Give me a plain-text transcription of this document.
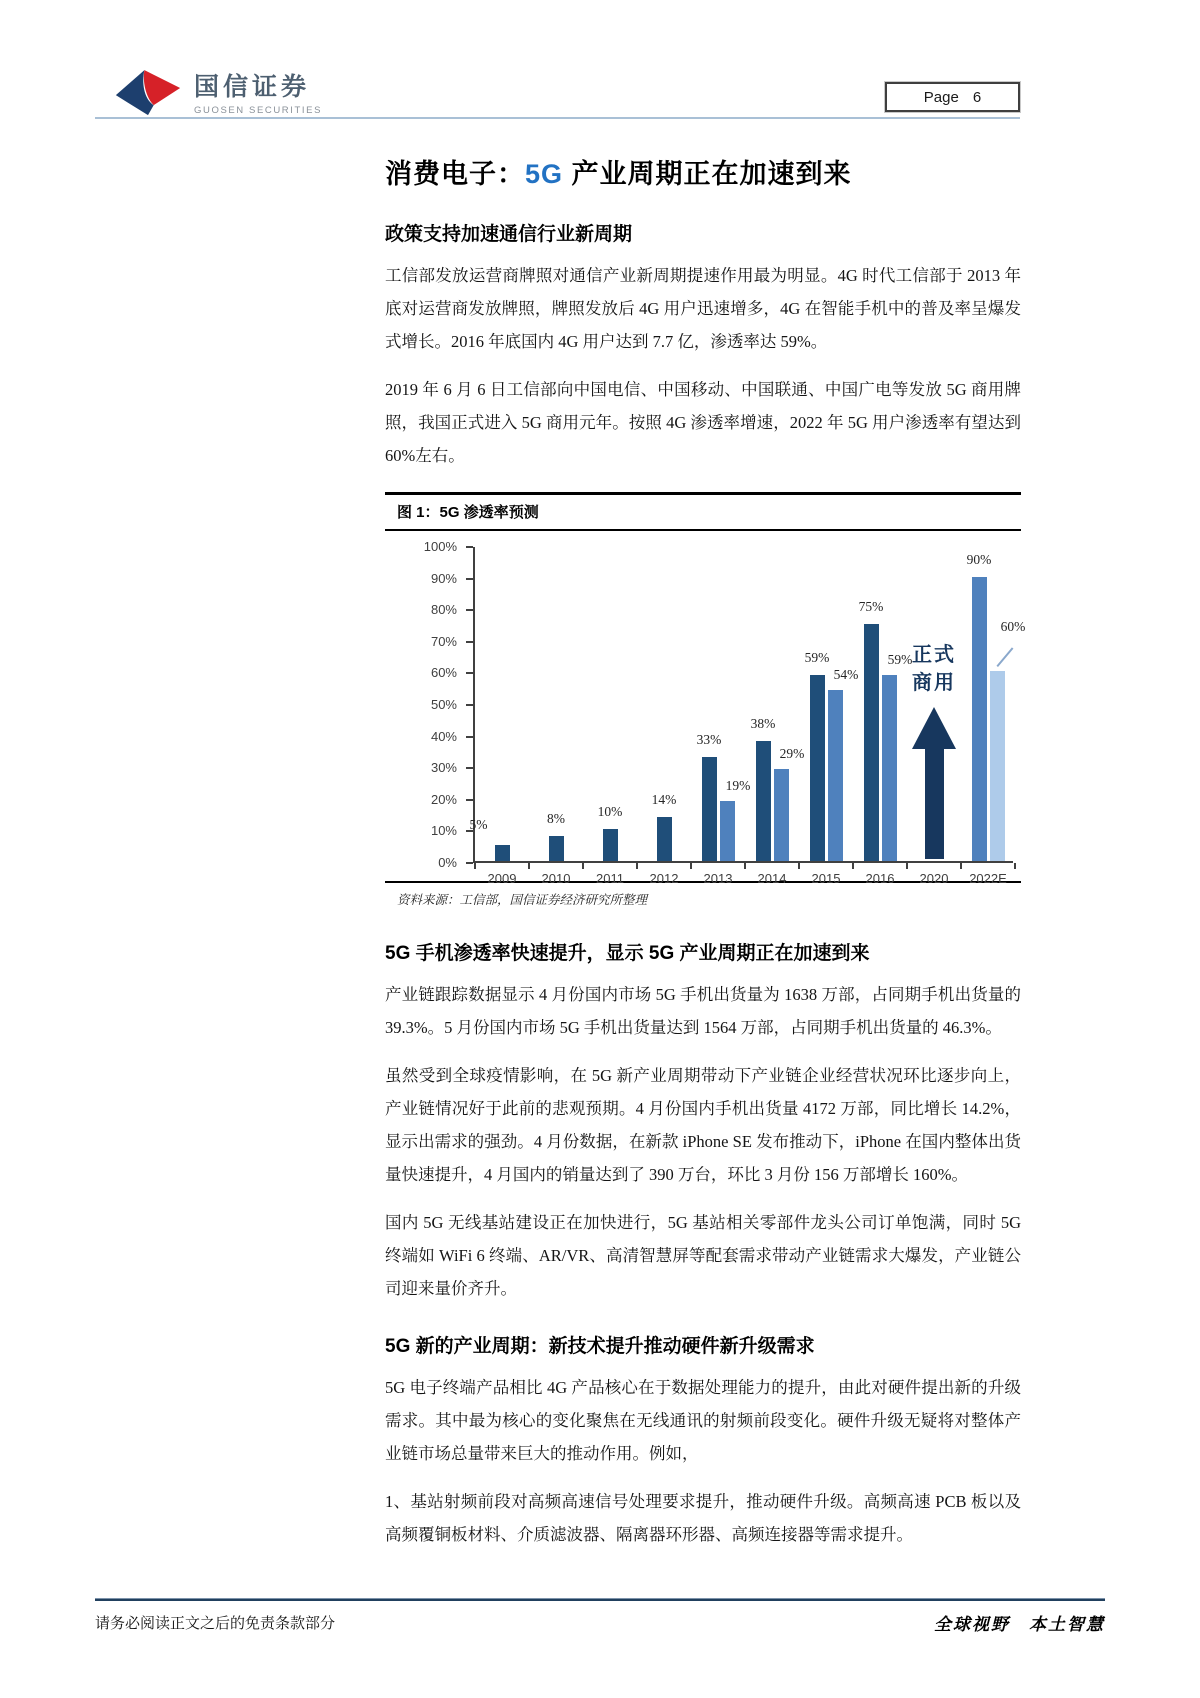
国信证券
GUOSEN SECURITIES
Page 6
消费电子：5G 产业周期正在加速到来
政策支持加速通信行业新周期

工信部发放运营商牌照对通信产业新周期提速作用最为明显。4G 时代工信部于 2013 年底对运营商发放牌照，牌照发放后 4G 用户迅速增多，4G 在智能手机中的普及率呈爆发式增长。2016 年底国内 4G 用户达到 7.7 亿，渗透率达 59%。

2019 年 6 月 6 日工信部向中国电信、中国移动、中国联通、中国广电等发放 5G 商用牌照，我国正式进入 5G 商用元年。按照 4G 渗透率增速，2022 年 5G 用户渗透率有望达到 60%左右。

图 1：5G 渗透率预测
100%
90%
80%
70%
60%
50%
40%
30%
20%
10%
0%
2009 2010 2011 2012 2013 2014 2015 2016 2020 2022E
5%	8% 10%
14%
33%
19%
38%
29%
59%
54%
75%
59% 正式
商用
90%
60%
资料来源：工信部，国信证券经济研究所整理
5G 手机渗透率快速提升，显示 5G 产业周期正在加速到来

产业链跟踪数据显示 4 月份国内市场 5G 手机出货量为 1638 万部，占同期手机出货量的 39.3%。5 月份国内市场 5G 手机出货量达到 1564 万部，占同期手机出货量的 46.3%。

虽然受到全球疫情影响，在 5G 新产业周期带动下产业链企业经营状况环比逐步向上，产业链情况好于此前的悲观预期。4 月份国内手机出货量 4172 万部，同比增长 14.2%，显示出需求的强劲。4 月份数据，在新款 iPhone SE 发布推动下，iPhone 在国内整体出货量快速提升，4 月国内的销量达到了 390 万台，环比 3 月份 156 万部增长 160%。

国内 5G 无线基站建设正在加快进行，5G 基站相关零部件龙头公司订单饱满，同时 5G 终端如 WiFi 6 终端、AR/VR、高清智慧屏等配套需求带动产业链需求大爆发，产业链公司迎来量价齐升。

5G 新的产业周期：新技术提升推动硬件新升级需求

5G 电子终端产品相比 4G 产品核心在于数据处理能力的提升，由此对硬件提出新的升级需求。其中最为核心的变化聚焦在无线通讯的射频前段变化。硬件升级无疑将对整体产业链市场总量带来巨大的推动作用。例如，

1、基站射频前段对高频高速信号处理要求提升，推动硬件升级。高频高速 PCB 板以及高频覆铜板材料、介质滤波器、隔离器环形器、高频连接器等需求提升。

请务必阅读正文之后的免责条款部分	全球视野　本土智慧
